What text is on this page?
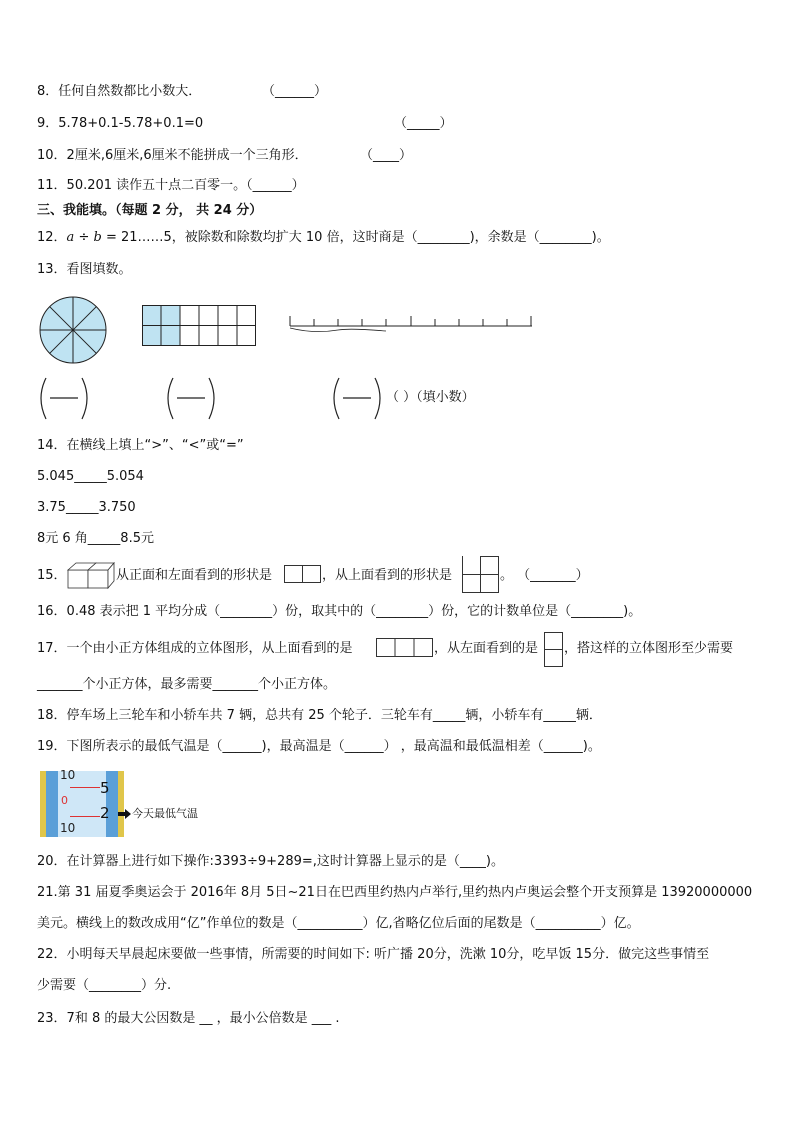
8．任何自然数都比小数大．	（______）
9．5.78+0.1-5.78+0.1=0	（_____）
10．2厘米,6厘米,6厘米不能拼成一个三角形．	（____）
11．50.201 读作五十点二百零一。（______）
三、我能填。（每题 2 分， 共 24 分）
12．a ÷ b = 21……5，被除数和除数均扩大 10 倍，这时商是（________)，余数是（________)。
13．看图填数。
（ ）（填小数）
14．在横线上填上“>”、“<”或“=”
5.045_____5.054
3.75_____3.750
8元 6 角_____8.5元
15．	从正面和左面看到的形状是	，从上面看到的形状是	。 （_______）
16．0.48 表示把 1 平均分成（________）份，取其中的（________）份，它的计数单位是（________)。
17．一个由小正方体组成的立体图形，从上面看到的是	，从左面看到的是 ，搭这样的立体图形至少需要
_______个小正方体，最多需要_______个小正方体。
18．停车场上三轮车和小轿车共 7 辆，总共有 25 个轮子．三轮车有_____辆，小轿车有_____辆．
19．下图所表示的最低气温是（______)，最高温是（______） ，最高温和最低温相差（______)。
10
0
10
5
2 今天最低气温
20．在计算器上进行如下操作:3393÷9+289=,这时计算器上显示的是（____)。
21.第 31 届夏季奥运会于 2016年 8月 5日~21日在巴西里约热内卢举行,里约热内卢奥运会整个开支预算是 13920000000
美元。横线上的数改成用“亿”作单位的数是（__________）亿,省略亿位后面的尾数是（__________）亿。
22．小明每天早晨起床要做一些事情，所需要的时间如下: 听广播 20分，洗漱 10分，吃早饭 15分．做完这些事情至
少需要（________）分.
23．7和 8 的最大公因数是 __ ，最小公倍数是 ___ .
